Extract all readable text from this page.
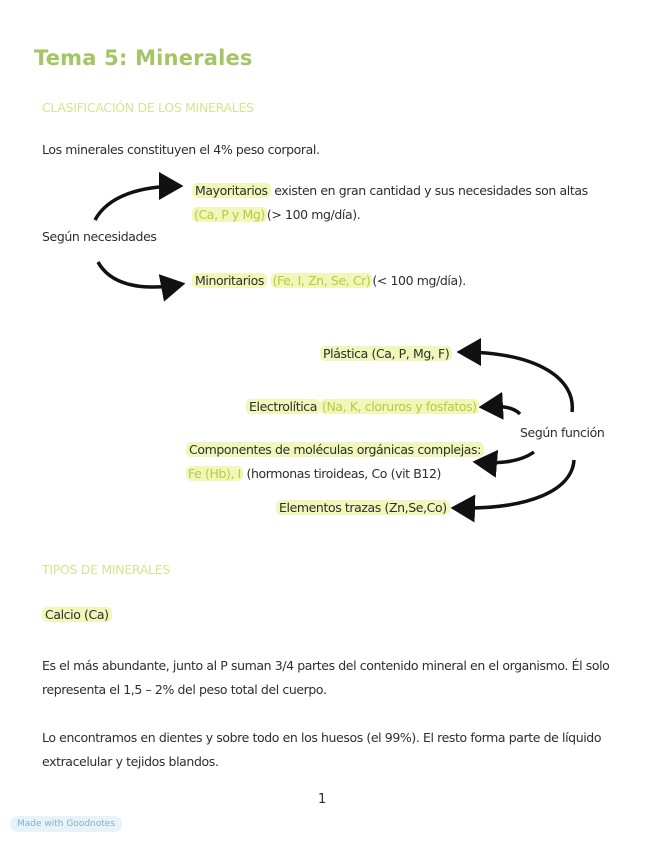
Tema 5: Minerales
CLASIFICACIÓN DE LOS MINERALES
Los minerales constituyen el 4% peso corporal.
Según necesidades
Mayoritarios existen en gran cantidad y sus necesidades son altas
(Ca, P y Mg) (> 100 mg/día).
Minoritarios (Fe, I, Zn, Se, Cr) (< 100 mg/día).
Plástica (Ca, P, Mg, F)
Electrolítica (Na, K, cloruros y fosfatos)
Según función
Componentes de moléculas orgánicas complejas:
Fe (Hb), I (hormonas tiroideas, Co (vit B12)
Elementos trazas (Zn,Se,Co)
TIPOS DE MINERALES
Calcio (Ca)
Es el más abundante, junto al P suman 3/4 partes del contenido mineral en el organismo. Él solo
representa el 1,5 – 2% del peso total del cuerpo.
Lo encontramos en dientes y sobre todo en los huesos (el 99%). El resto forma parte de líquido
extracelular y tejidos blandos.
1
Made with Goodnotes
